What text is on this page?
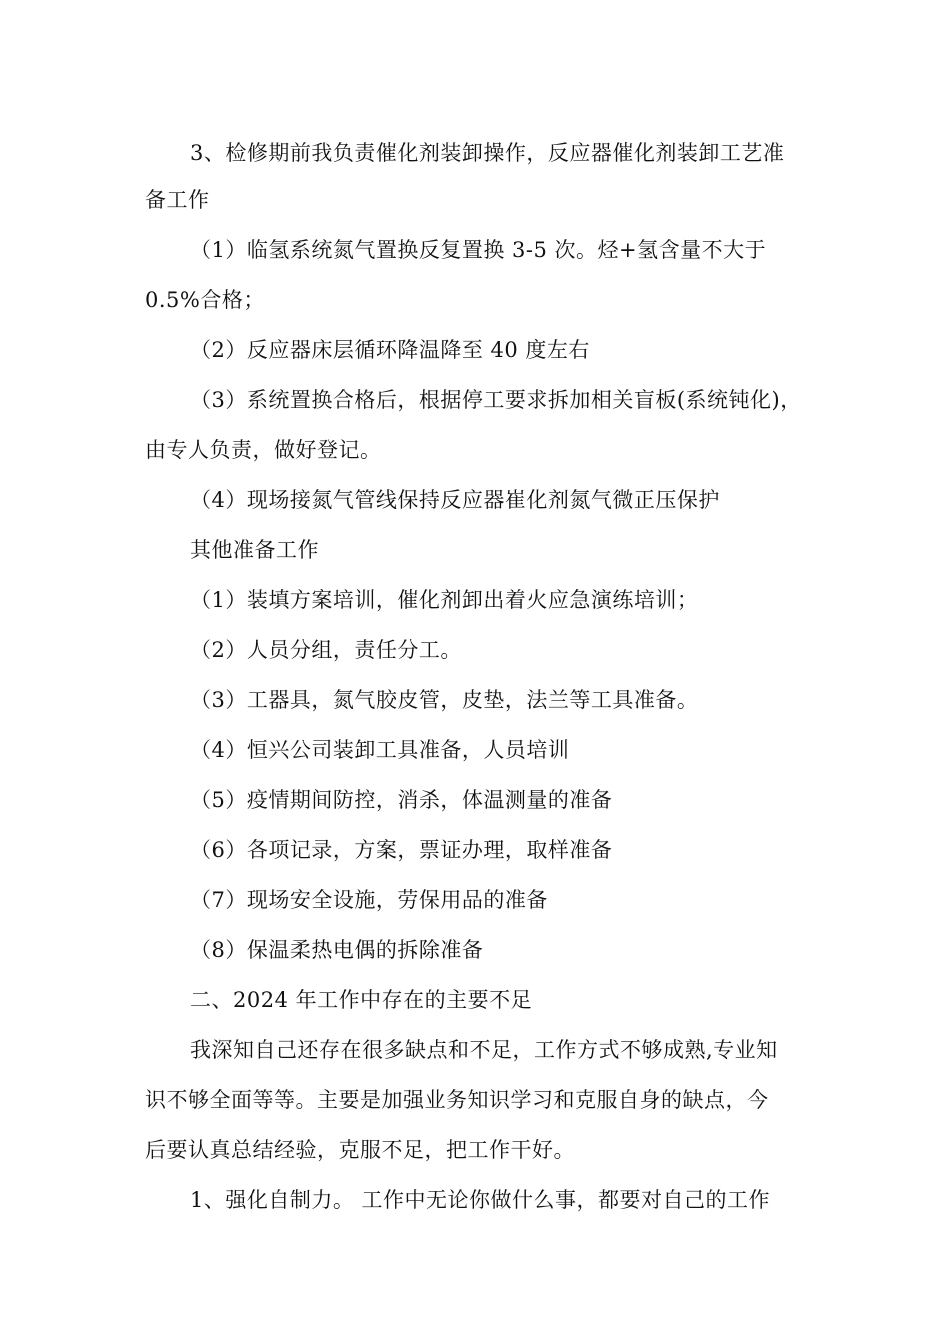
3、检修期前我负责催化剂装卸操作，反应器催化剂装卸工艺准
备工作
（1）临氢系统氮气置换反复置换 3-5 次。烃+氢含量不大于
0.5%合格；
（2）反应器床层循环降温降至 40 度左右
（3）系统置换合格后，根据停工要求拆加相关盲板(系统钝化)，
由专人负责，做好登记。
（4）现场接氮气管线保持反应器崔化剂氮气微正压保护
其他准备工作
（1）装填方案培训，催化剂卸出着火应急演练培训；
（2）人员分组，责任分工。
（3）工器具，氮气胶皮管，皮垫，法兰等工具准备。
（4）恒兴公司装卸工具准备，人员培训
（5）疫情期间防控，消杀，体温测量的准备
（6）各项记录，方案，票证办理，取样准备
（7）现场安全设施，劳保用品的准备
（8）保温柔热电偶的拆除准备
二、2024 年工作中存在的主要不足
我深知自己还存在很多缺点和不足，工作方式不够成熟,专业知
识不够全面等等。主要是加强业务知识学习和克服自身的缺点，今
后要认真总结经验，克服不足，把工作干好。
1、强化自制力。 工作中无论你做什么事，都要对自己的工作
